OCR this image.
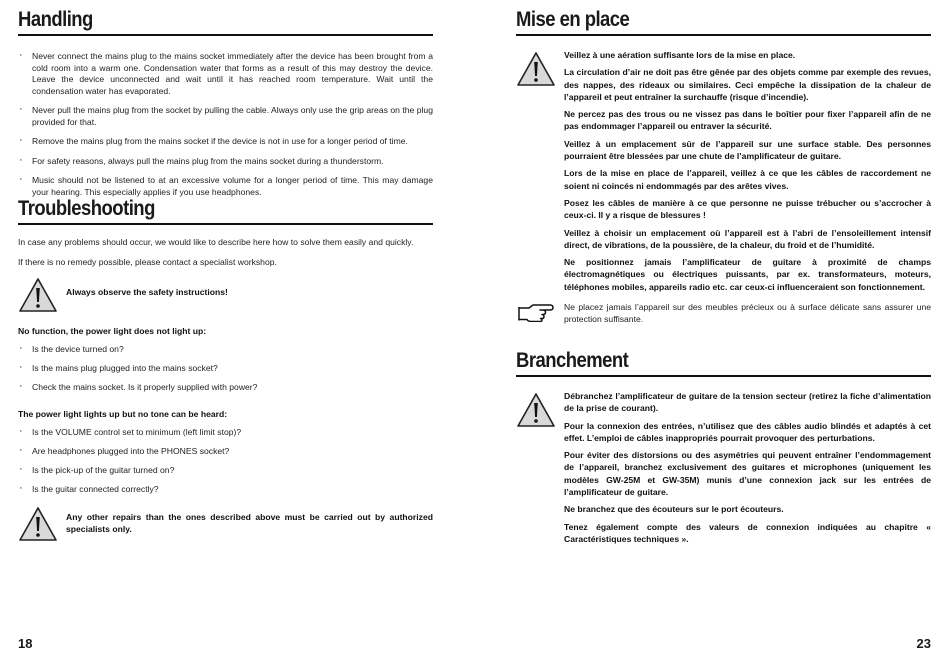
Handling
· Never connect the mains plug to the mains socket immediately after the device has been brought from a cold room into a warm one. Condensation water that forms as a result of this may destroy the device. Leave the device unconnected and wait until it has reached room temperature. Wait until the condensation water has evaporated.
· Never pull the mains plug from the socket by pulling the cable. Always only use the grip areas on the plug provided for that.
· Remove the mains plug from the mains socket if the device is not in use for a longer period of time.
· For safety reasons, always pull the mains plug from the mains socket during a thunderstorm.
· Music should not be listened to at an excessive volume for a longer period of time. This may damage your hearing. This especially applies if you use headphones.
Troubleshooting

In case any problems should occur, we would like to describe here how to solve them easily and quickly.

If there is no remedy possible, please contact a specialist workshop.

Always observe the safety instructions!

No function, the power light does not light up:

· Is the device turned on?
· Is the mains plug plugged into the mains socket?
· Check the mains socket. Is it properly supplied with power?

The power light lights up but no tone can be heard:

· Is the VOLUME control set to minimum (left limit stop)?
· Are headphones plugged into the PHONES socket?
· Is the pick-up of the guitar turned on?
· Is the guitar connected correctly?

Any other repairs than the ones described above must be carried out by authorized specialists only.

18
Mise en place

Veillez à une aération suffisante lors de la mise en place.

La circulation d’air ne doit pas être gênée par des objets comme par exemple des revues, des nappes, des rideaux ou similaires. Ceci empêche la dissipation de la chaleur de l’appareil et peut entraîner la surchauffe (risque d’incendie).

Ne percez pas des trous ou ne vissez pas dans le boîtier pour fixer l’appareil afin de ne pas endommager l’appareil ou entraver la sécurité.

Veillez à un emplacement sûr de l’appareil sur une surface stable. Des personnes pourraient être blessées par une chute de l’amplificateur de guitare.

Lors de la mise en place de l’appareil, veillez à ce que les câbles de raccordement ne soient ni coincés ni endommagés par des arêtes vives.

Posez les câbles de manière à ce que personne ne puisse trébucher ou s’accrocher à ceux-ci. Il y a risque de blessures !

Veillez à choisir un emplacement où l’appareil est à l’abri de l’ensoleillement intensif direct, de vibrations, de la poussière, de la chaleur, du froid et de l’humidité.

Ne positionnez jamais l’amplificateur de guitare à proximité de champs électromagnétiques ou électriques puissants, par ex. transformateurs, moteurs, téléphones mobiles, appareils radio etc. car ceux-ci influenceraient son fonctionnement.

Ne placez jamais l’appareil sur des meubles précieux ou à surface délicate sans assurer une protection suffisante.

Branchement

Débranchez l’amplificateur de guitare de la tension secteur (retirez la fiche d’alimentation de la prise de courant).

Pour la connexion des entrées, n’utilisez que des câbles audio blindés et adaptés à cet effet. L’emploi de câbles inappropriés pourrait provoquer des perturbations.

Pour éviter des distorsions ou des asymétries qui peuvent entraîner l’endommagement de l’appareil, branchez exclusivement des guitares et microphones (uniquement les modèles GW-25M et GW-35M) munis d’une connexion jack sur les entrées de l’amplificateur de guitare.

Ne branchez que des écouteurs sur le port écouteurs.

Tenez également compte des valeurs de connexion indiquées au chapitre « Caractéristiques techniques ».

23
